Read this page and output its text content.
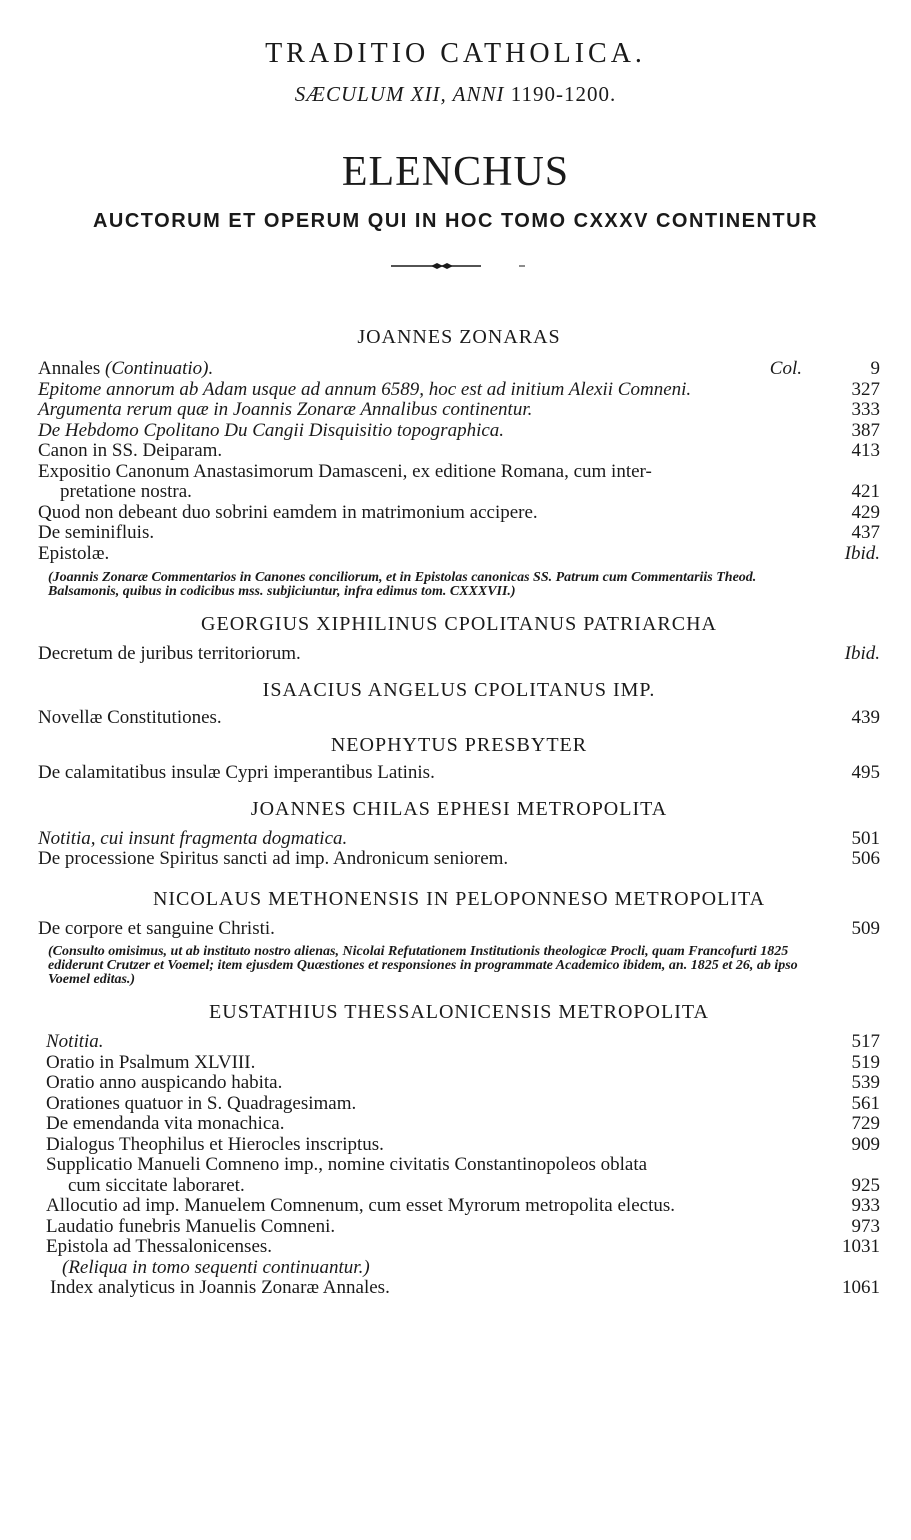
TRADITIO CATHOLICA.
SÆCULUM XII, ANNI 1190-1200.
ELENCHUS
AUCTORUM ET OPERUM QUI IN HOC TOMO CXXXV CONTINENTUR
JOANNES ZONARAS
Annales (Continuatio).	Col.	9
Epitome annorum ab Adam usque ad annum 6589, hoc est ad initium Alexii Comneni.	327
Argumenta rerum quæ in Joannis Zonaræ Annalibus continentur.	333
De Hebdomo Cpolitano Du Cangii Disquisitio topographica.	387
Canon in SS. Deiparam.	413
Expositio Canonum Anastasimorum Damasceni, ex editione Romana, cum inter-
pretatione nostra.	421
Quod non debeant duo sobrini eamdem in matrimonium accipere.	429
De seminifluis.	437
Epistolæ.	Ibid.
(Joannis Zonaræ Commentarios in Canones conciliorum, et in Epistolas canonicas SS. Patrum cum Commentariis Theod. Balsamonis, quibus in codicibus mss. subjiciuntur, infra edimus tom. CXXXVII.)
GEORGIUS XIPHILINUS CPOLITANUS PATRIARCHA
Decretum de juribus territoriorum.	Ibid.
ISAACIUS ANGELUS CPOLITANUS IMP.
Novellæ Constitutiones.	439
NEOPHYTUS PRESBYTER
De calamitatibus insulæ Cypri imperantibus Latinis.	495
JOANNES CHILAS EPHESI METROPOLITA
Notitia, cui insunt fragmenta dogmatica.	501
De processione Spiritus sancti ad imp. Andronicum seniorem.	506
NICOLAUS METHONENSIS IN PELOPONNESO METROPOLITA
De corpore et sanguine Christi.	509
(Consulto omisimus, ut ab instituto nostro alienas, Nicolai Refutationem Institutionis theologicæ Procli, quam Francofurti 1825 ediderunt Crutzer et Voemel; item ejusdem Quæstiones et responsiones in programmate Academico ibidem, an. 1825 et 26, ab ipso Voemel editas.)
EUSTATHIUS THESSALONICENSIS METROPOLITA
Notitia.	517
Oratio in Psalmum XLVIII.	519
Oratio anno auspicando habita.	539
Orationes quatuor in S. Quadragesimam.	561
De emendanda vita monachica.	729
Dialogus Theophilus et Hierocles inscriptus.	909
Supplicatio Manueli Comneno imp., nomine civitatis Constantinopoleos oblata
cum siccitate laboraret.	925
Allocutio ad imp. Manuelem Comnenum, cum esset Myrorum metropolita electus.	933
Laudatio funebris Manuelis Comneni.	973
Epistola ad Thessalonicenses.	1031
(Reliqua in tomo sequenti continuantur.)
Index analyticus in Joannis Zonaræ Annales.	1061
